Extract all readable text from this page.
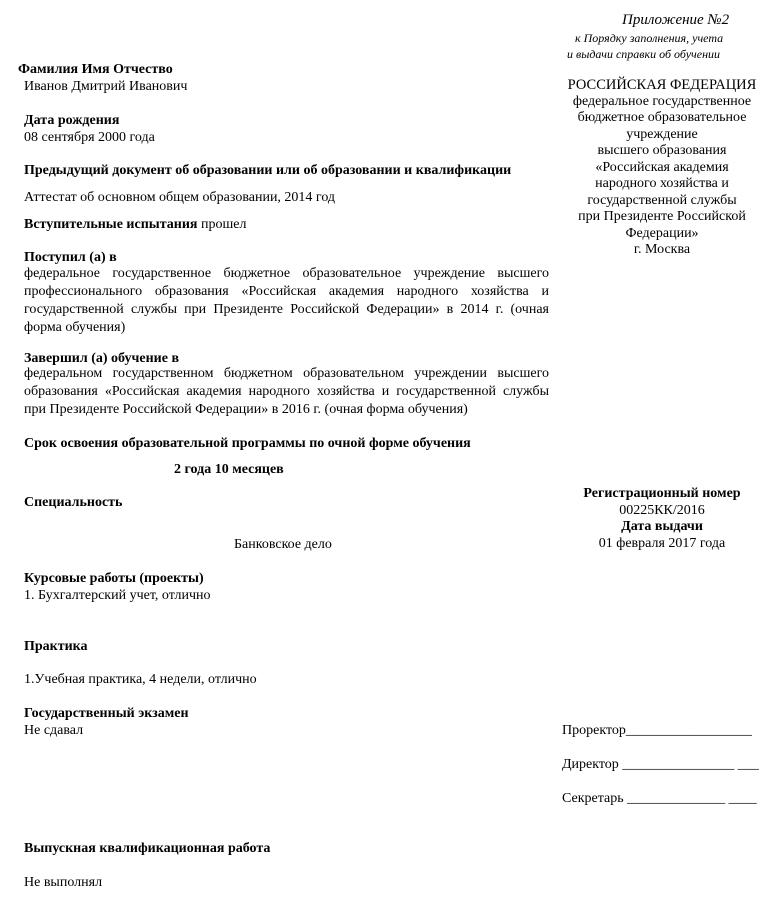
Приложение №2
к Порядку заполнения, учета
и выдачи справки об обучении
РОССИЙСКАЯ ФЕДЕРАЦИЯ
федеральное государственное
бюджетное образовательное
учреждение
высшего образования
«Российская академия
народного хозяйства и
государственной службы
при Президенте Российской
Федерации»
г. Москва
Фамилия Имя Отчество
Иванов Дмитрий Иванович
Дата рождения
08 сентября 2000 года
Предыдущий документ об образовании или об образовании и квалификации
Аттестат об основном общем образовании, 2014 год
Вступительные испытания прошел
Поступил (а) в
федеральное государственное бюджетное образовательное учреждение высшего профессионального образования «Российская академия народного хозяйства и государственной службы при Президенте Российской Федерации» в 2014 г. (очная форма обучения)
Завершил (а) обучение в
федеральном государственном бюджетном образовательном учреждении высшего образования «Российская академия народного хозяйства и государственной службы при Президенте Российской Федерации» в 2016 г. (очная форма обучения)
Срок освоения образовательной программы по очной форме обучения
2 года 10 месяцев
Специальность
Банковское дело
Регистрационный номер
00225КК/2016
Дата выдачи
01 февраля 2017 года
Курсовые работы (проекты)
1. Бухгалтерский учет, отлично
Практика
1.Учебная практика, 4 недели, отлично
Государственный экзамен
Не сдавал	Проректор__________________
Директор ________________ ___
Секретарь ______________ ____
Выпускная квалификационная работа
Не выполнял
